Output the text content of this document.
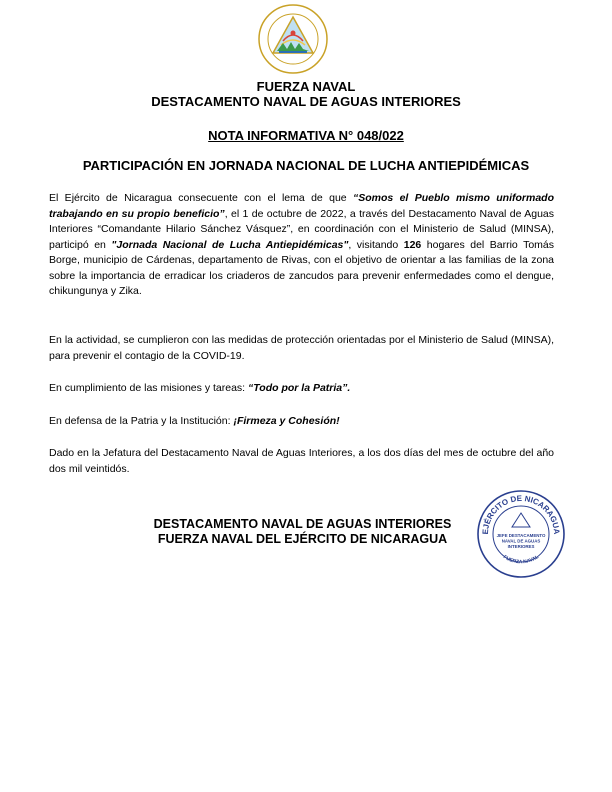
FUERZA NAVAL
DESTACAMENTO NAVAL DE AGUAS INTERIORES
NOTA INFORMATIVA N° 048/022
PARTICIPACIÓN EN JORNADA NACIONAL DE LUCHA ANTIEPIDÉMICAS
El Ejército de Nicaragua consecuente con el lema de que “Somos el Pueblo mismo uniformado trabajando en su propio beneficio”, el 1 de octubre de 2022, a través del Destacamento Naval de Aguas Interiores “Comandante Hilario Sánchez Vásquez”, en coordinación con el Ministerio de Salud (MINSA), participó en "Jornada Nacional de Lucha Antiepidémicas", visitando 126 hogares del Barrio Tomás Borge, municipio de Cárdenas, departamento de Rivas, con el objetivo de orientar a las familias de la zona sobre la importancia de erradicar los criaderos de zancudos para prevenir enfermedades como el dengue, chikungunya y Zika.
En la actividad, se cumplieron con las medidas de protección orientadas por el Ministerio de Salud (MINSA), para prevenir el contagio de la COVID-19.
En cumplimiento de las misiones y tareas: “Todo por la Patria”.
En defensa de la Patria y la Institución: ¡Firmeza y Cohesión!
Dado en la Jefatura del Destacamento Naval de Aguas Interiores, a los dos días del mes de octubre del año dos mil veintidós.
DESTACAMENTO NAVAL DE AGUAS INTERIORES
FUERZA NAVAL DEL EJÉRCITO DE NICARAGUA
EJÉRCITO DE NICARAGUA
JEFE DESTACAMENTO NAVAL DE AGUAS INTERIORES
FUERZA NAVAL
